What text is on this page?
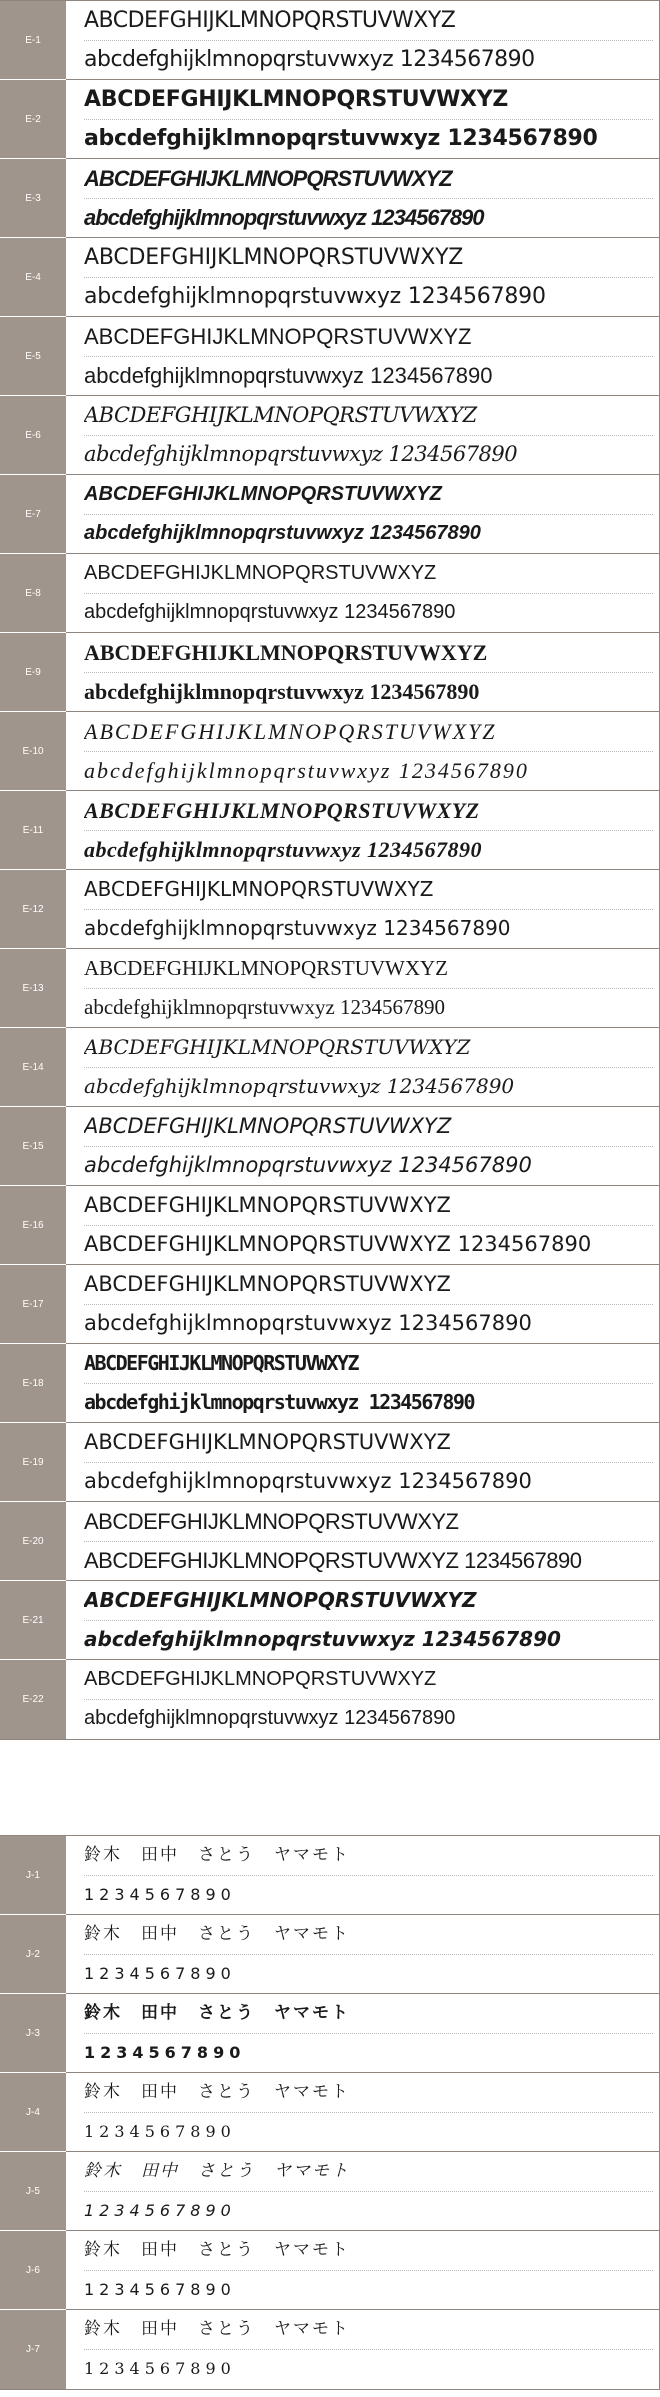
E-1
ABCDEFGHIJKLMNOPQRSTUVWXYZ
abcdefghijklmnopqrstuvwxyz 1234567890
E-2
ABCDEFGHIJKLMNOPQRSTUVWXYZ
abcdefghijklmnopqrstuvwxyz 1234567890
E-3
ABCDEFGHIJKLMNOPQRSTUVWXYZ
abcdefghijklmnopqrstuvwxyz 1234567890
E-4
ABCDEFGHIJKLMNOPQRSTUVWXYZ
abcdefghijklmnopqrstuvwxyz 1234567890
E-5
ABCDEFGHIJKLMNOPQRSTUVWXYZ
abcdefghijklmnopqrstuvwxyz 1234567890
E-6
ABCDEFGHIJKLMNOPQRSTUVWXYZ
abcdefghijklmnopqrstuvwxyz 1234567890
E-7
ABCDEFGHIJKLMNOPQRSTUVWXYZ
abcdefghijklmnopqrstuvwxyz 1234567890
E-8
ABCDEFGHIJKLMNOPQRSTUVWXYZ
abcdefghijklmnopqrstuvwxyz 1234567890
E-9
ABCDEFGHIJKLMNOPQRSTUVWXYZ
abcdefghijklmnopqrstuvwxyz 1234567890
E-10
ABCDEFGHIJKLMNOPQRSTUVWXYZ
abcdefghijklmnopqrstuvwxyz 1234567890
E-11
ABCDEFGHIJKLMNOPQRSTUVWXYZ
abcdefghijklmnopqrstuvwxyz 1234567890
E-12
ABCDEFGHIJKLMNOPQRSTUVWXYZ
abcdefghijklmnopqrstuvwxyz 1234567890
E-13
ABCDEFGHIJKLMNOPQRSTUVWXYZ
abcdefghijklmnopqrstuvwxyz 1234567890
E-14
ABCDEFGHIJKLMNOPQRSTUVWXYZ
abcdefghijklmnopqrstuvwxyz 1234567890
E-15
ABCDEFGHIJKLMNOPQRSTUVWXYZ
abcdefghijklmnopqrstuvwxyz 1234567890
E-16
ABCDEFGHIJKLMNOPQRSTUVWXYZ
ABCDEFGHIJKLMNOPQRSTUVWXYZ 1234567890
E-17
ABCDEFGHIJKLMNOPQRSTUVWXYZ
abcdefghijklmnopqrstuvwxyz 1234567890
E-18
ABCDEFGHIJKLMNOPQRSTUVWXYZ
abcdefghijklmnopqrstuvwxyz 1234567890
E-19
ABCDEFGHIJKLMNOPQRSTUVWXYZ
abcdefghijklmnopqrstuvwxyz 1234567890
E-20
ABCDEFGHIJKLMNOPQRSTUVWXYZ
ABCDEFGHIJKLMNOPQRSTUVWXYZ 1234567890
E-21
ABCDEFGHIJKLMNOPQRSTUVWXYZ
abcdefghijklmnopqrstuvwxyz 1234567890
E-22
ABCDEFGHIJKLMNOPQRSTUVWXYZ
abcdefghijklmnopqrstuvwxyz 1234567890
J-1
鈴木　田中　さとう　ヤマモト
1234567890
J-2
鈴木　田中　さとう　ヤマモト
1234567890
J-3
鈴木　田中　さとう　ヤマモト
1234567890
J-4
鈴木　田中　さとう　ヤマモト
1234567890
J-5
鈴木　田中　さとう　ヤマモト
1234567890
J-6
鈴木　田中　さとう　ヤマモト
1234567890
J-7
鈴木　田中　さとう　ヤマモト
1234567890
